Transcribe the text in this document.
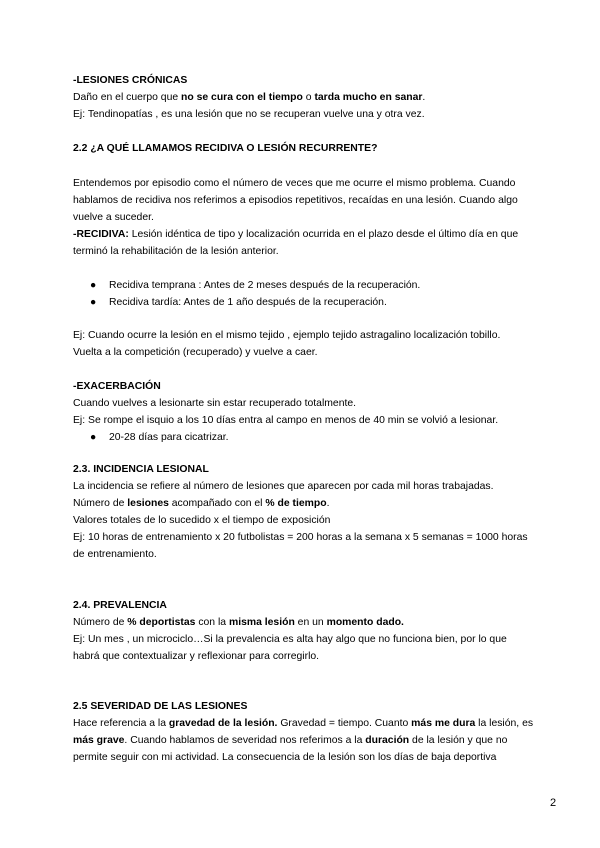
-LESIONES CRÓNICAS

Daño en el cuerpo que no se cura con el tiempo o tarda mucho en sanar.

Ej: Tendinopatías , es una lesión que no se recuperan vuelve una y otra vez.

2.2 ¿A QUÉ LLAMAMOS RECIDIVA O LESIÓN RECURRENTE?

Entendemos por episodio como el número de veces que me ocurre el mismo problema. Cuando

hablamos de recidiva nos referimos a episodios repetitivos, recaídas en una lesión. Cuando algo

vuelve a suceder.

-RECIDIVA: Lesión idéntica de tipo y localización ocurrida en el plazo desde el último día en que

terminó la rehabilitación de la lesión anterior.

● Recidiva temprana : Antes de 2 meses después de la recuperación.
● Recidiva tardía: Antes de 1 año después de la recuperación.

Ej: Cuando ocurre la lesión en el mismo tejido , ejemplo tejido astragalino localización tobillo.

Vuelta a la competición (recuperado) y vuelve a caer.

-EXACERBACIÓN

Cuando vuelves a lesionarte sin estar recuperado totalmente.

Ej: Se rompe el isquio a los 10 días entra al campo en menos de 40 min se volvió a lesionar.

● 20-28 días para cicatrizar.

2.3. INCIDENCIA LESIONAL

La incidencia se refiere al número de lesiones que aparecen por cada mil horas trabajadas.

Número de lesiones acompañado con el % de tiempo.

Valores totales de lo sucedido x el tiempo de exposición

Ej: 10 horas de entrenamiento x 20 futbolistas = 200 horas a la semana x 5 semanas = 1000 horas

de entrenamiento.

2.4. PREVALENCIA

Número de % deportistas con la misma lesión en un momento dado.

Ej: Un mes , un microciclo…Si la prevalencia es alta hay algo que no funciona bien, por lo que

habrá que contextualizar y reflexionar para corregirlo.

2.5 SEVERIDAD DE LAS LESIONES

Hace referencia a la gravedad de la lesión. Gravedad = tiempo. Cuanto más me dura la lesión, es

más grave. Cuando hablamos de severidad nos referimos a la duración de la lesión y que no

permite seguir con mi actividad. La consecuencia de la lesión son los días de baja deportiva

2
